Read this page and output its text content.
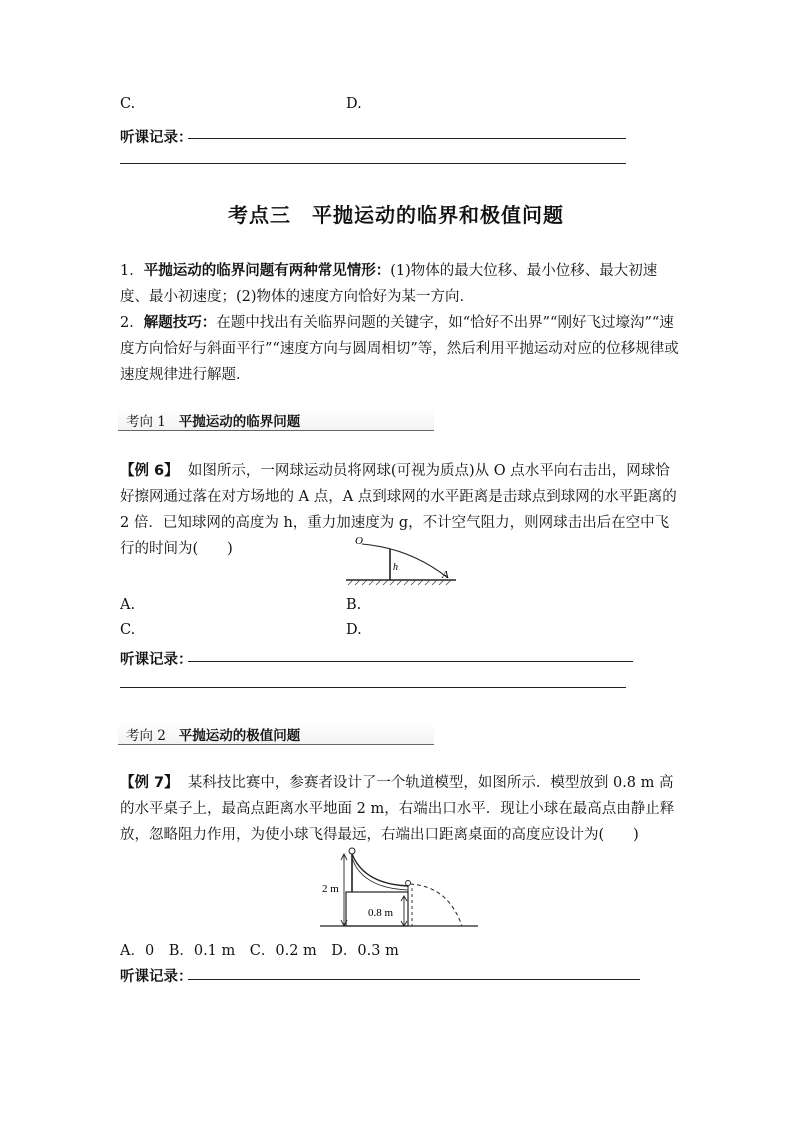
C.	D.
听课记录：
考点三　平抛运动的临界和极值问题

1．平抛运动的临界问题有两种常见情形：(1)物体的最大位移、最小位移、最大初速度、最小初速度；(2)物体的速度方向恰好为某一方向．

2．解题技巧：在题中找出有关临界问题的关键字，如“恰好不出界”“刚好飞过壕沟”“速度方向恰好与斜面平行”“速度方向与圆周相切”等，然后利用平抛运动对应的位移规律或速度规律进行解题．

考向 1 平抛运动的临界问题

【例 6】 如图所示，一网球运动员将网球(可视为质点)从 O 点水平向右击出，网球恰好擦网通过落在对方场地的 A 点，A 点到球网的水平距离是击球点到球网的水平距离的 2 倍．已知球网的高度为 h，重力加速度为 g，不计空气阻力，则网球击出后在空中飞行的时间为(　　)	O
h
A
A.	B.
C.	D.
听课记录：
考向 2 平抛运动的极值问题

【例 7】 某科技比赛中，参赛者设计了一个轨道模型，如图所示．模型放到 0.8 m 高的水平桌子上，最高点距离水平地面 2 m，右端出口水平．现让小球在最高点由静止释放，忽略阻力作用，为使小球飞得最远，右端出口距离桌面的高度应设计为(　　)

2 m
0.8 m
A．0　B．0.1 m　C．0.2 m　D．0.3 m
听课记录：
